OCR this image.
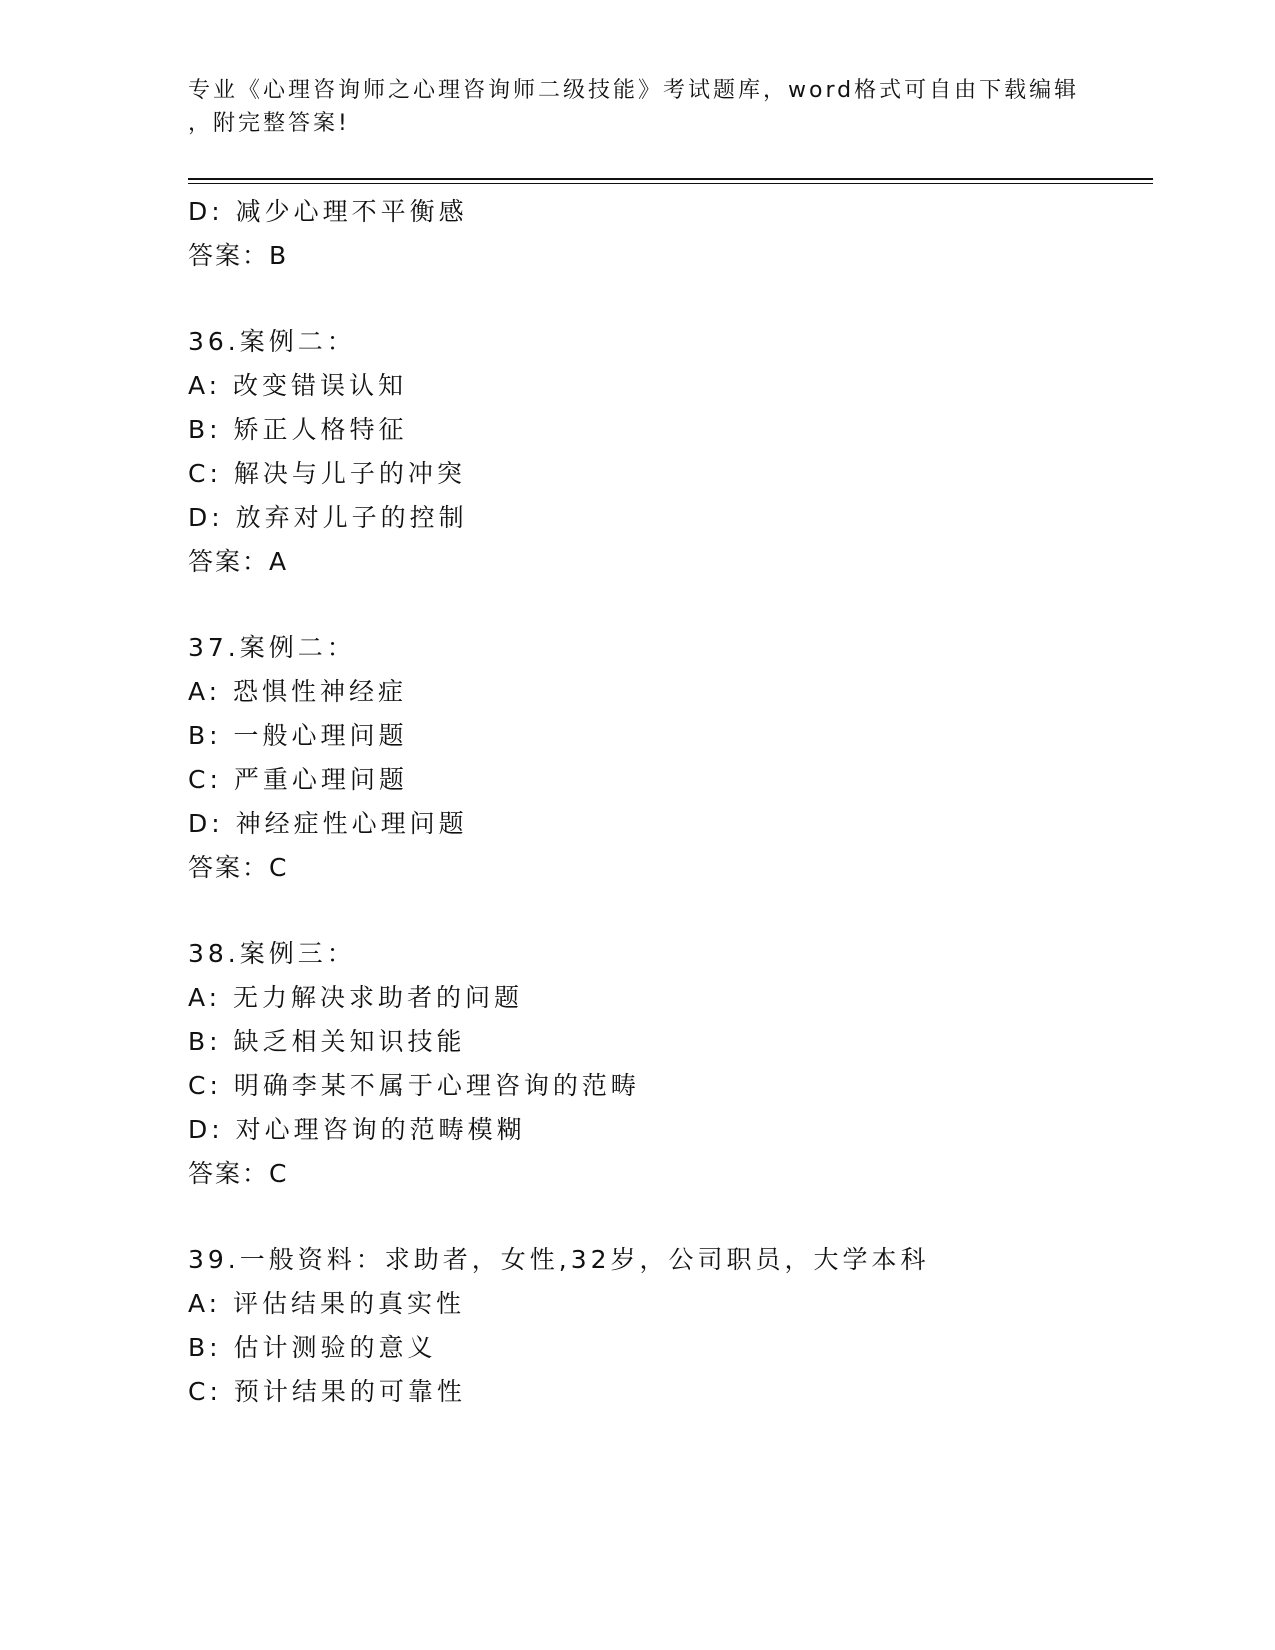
专业《心理咨询师之心理咨询师二级技能》考试题库，word格式可自由下载编辑
，附完整答案!
D: 减少心理不平衡感
答案：B
36.案例二：
A: 改变错误认知
B: 矫正人格特征
C: 解决与儿子的冲突
D: 放弃对儿子的控制
答案：A
37.案例二：
A: 恐惧性神经症
B: 一般心理问题
C: 严重心理问题
D: 神经症性心理问题
答案：C
38.案例三：
A: 无力解决求助者的问题
B: 缺乏相关知识技能
C: 明确李某不属于心理咨询的范畴
D: 对心理咨询的范畴模糊
答案：C
39.一般资料：求助者，女性,32岁，公司职员，大学本科
A: 评估结果的真实性
B: 估计测验的意义
C: 预计结果的可靠性
